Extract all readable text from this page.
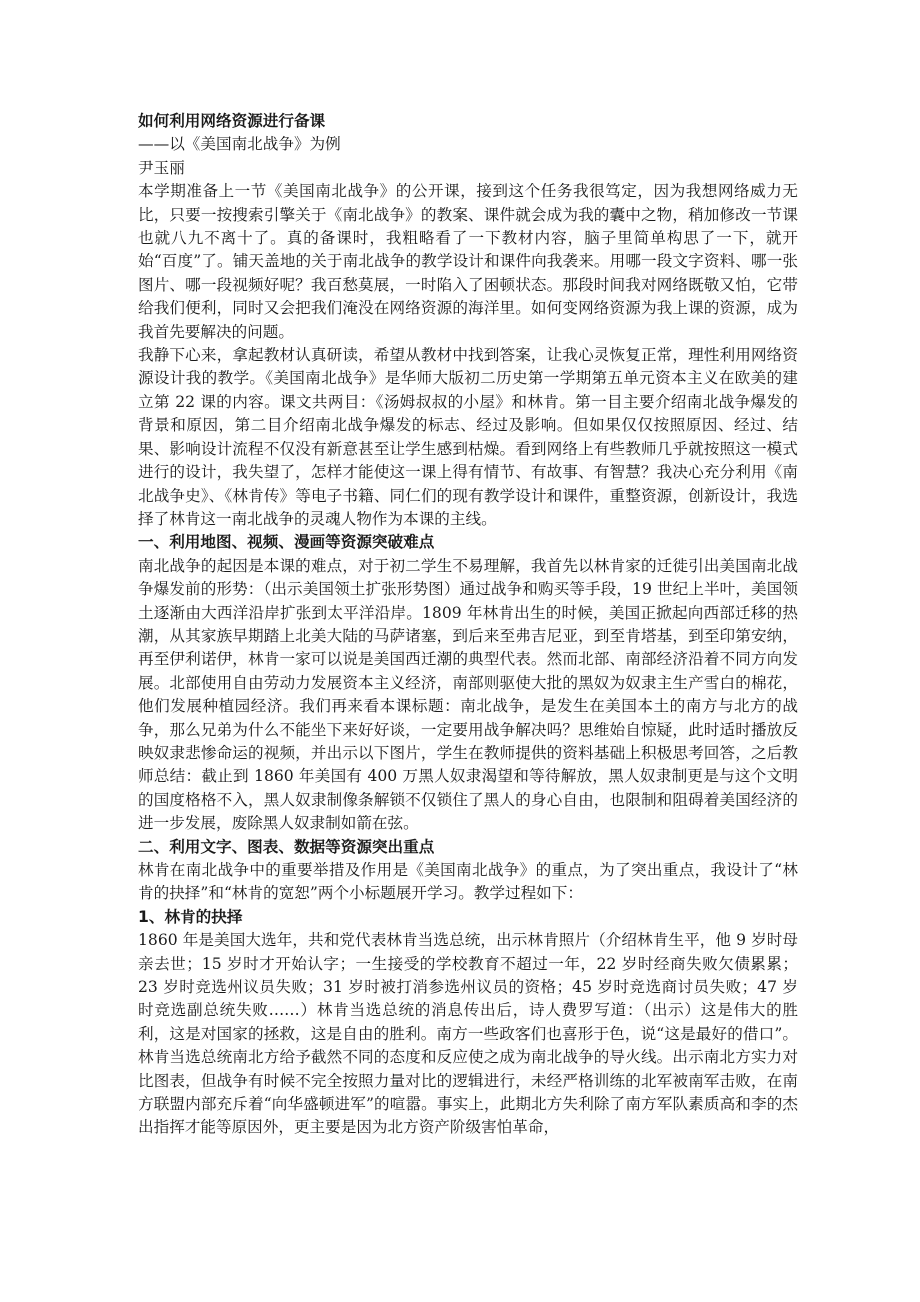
如何利用网络资源进行备课

——以《美国南北战争》为例

尹玉丽

本学期准备上一节《美国南北战争》的公开课，接到这个任务我很笃定，因为我想网络威力无比，只要一按搜索引擎关于《南北战争》的教案、课件就会成为我的囊中之物，稍加修改一节课也就八九不离十了。真的备课时，我粗略看了一下教材内容，脑子里简单构思了一下，就开始“百度”了。铺天盖地的关于南北战争的教学设计和课件向我袭来。用哪一段文字资料、哪一张图片、哪一段视频好呢？我百愁莫展，一时陷入了困顿状态。那段时间我对网络既敬又怕，它带给我们便利，同时又会把我们淹没在网络资源的海洋里。如何变网络资源为我上课的资源，成为我首先要解决的问题。

我静下心来，拿起教材认真研读，希望从教材中找到答案，让我心灵恢复正常，理性利用网络资源设计我的教学。《美国南北战争》是华师大版初二历史第一学期第五单元资本主义在欧美的建立第 22 课的内容。课文共两目：《汤姆叔叔的小屋》和林肯。第一目主要介绍南北战争爆发的背景和原因，第二目介绍南北战争爆发的标志、经过及影响。但如果仅仅按照原因、经过、结果、影响设计流程不仅没有新意甚至让学生感到枯燥。看到网络上有些教师几乎就按照这一模式进行的设计，我失望了，怎样才能使这一课上得有情节、有故事、有智慧？我决心充分利用《南北战争史》、《林肯传》等电子书籍、同仁们的现有教学设计和课件，重整资源，创新设计，我选择了林肯这一南北战争的灵魂人物作为本课的主线。

一、利用地图、视频、漫画等资源突破难点

南北战争的起因是本课的难点，对于初二学生不易理解，我首先以林肯家的迁徙引出美国南北战争爆发前的形势：（出示美国领土扩张形势图）通过战争和购买等手段，19 世纪上半叶，美国领土逐渐由大西洋沿岸扩张到太平洋沿岸。1809 年林肯出生的时候，美国正掀起向西部迁移的热潮，从其家族早期踏上北美大陆的马萨诸塞，到后来至弗吉尼亚，到至肯塔基，到至印第安纳，再至伊利诺伊，林肯一家可以说是美国西迁潮的典型代表。然而北部、南部经济沿着不同方向发展。北部使用自由劳动力发展资本主义经济，南部则驱使大批的黑奴为奴隶主生产雪白的棉花，他们发展种植园经济。我们再来看本课标题：南北战争，是发生在美国本土的南方与北方的战争，那么兄弟为什么不能坐下来好好谈，一定要用战争解决吗？思维始自惊疑，此时适时播放反映奴隶悲惨命运的视频，并出示以下图片，学生在教师提供的资料基础上积极思考回答，之后教师总结：截止到 1860 年美国有 400 万黑人奴隶渴望和等待解放，黑人奴隶制更是与这个文明的国度格格不入，黑人奴隶制像条解锁不仅锁住了黑人的身心自由，也限制和阻碍着美国经济的进一步发展，废除黑人奴隶制如箭在弦。

二、利用文字、图表、数据等资源突出重点

林肯在南北战争中的重要举措及作用是《美国南北战争》的重点，为了突出重点，我设计了“林肯的抉择”和“林肯的宽恕”两个小标题展开学习。教学过程如下：

1、林肯的抉择

1860 年是美国大选年，共和党代表林肯当选总统，出示林肯照片（介绍林肯生平，他 9 岁时母亲去世；15 岁时才开始认字；一生接受的学校教育不超过一年，22 岁时经商失败欠债累累；23 岁时竞选州议员失败；31 岁时被打消参选州议员的资格；45 岁时竞选商讨员失败；47 岁时竞选副总统失败……）林肯当选总统的消息传出后，诗人费罗写道：（出示）这是伟大的胜利，这是对国家的拯救，这是自由的胜利。南方一些政客们也喜形于色，说“这是最好的借口”。 林肯当选总统南北方给予截然不同的态度和反应使之成为南北战争的导火线。出示南北方实力对比图表，但战争有时候不完全按照力量对比的逻辑进行，未经严格训练的北军被南军击败，在南方联盟内部充斥着“向华盛顿进军”的喧嚣。事实上，此期北方失利除了南方军队素质高和李的杰出指挥才能等原因外，更主要是因为北方资产阶级害怕革命，
